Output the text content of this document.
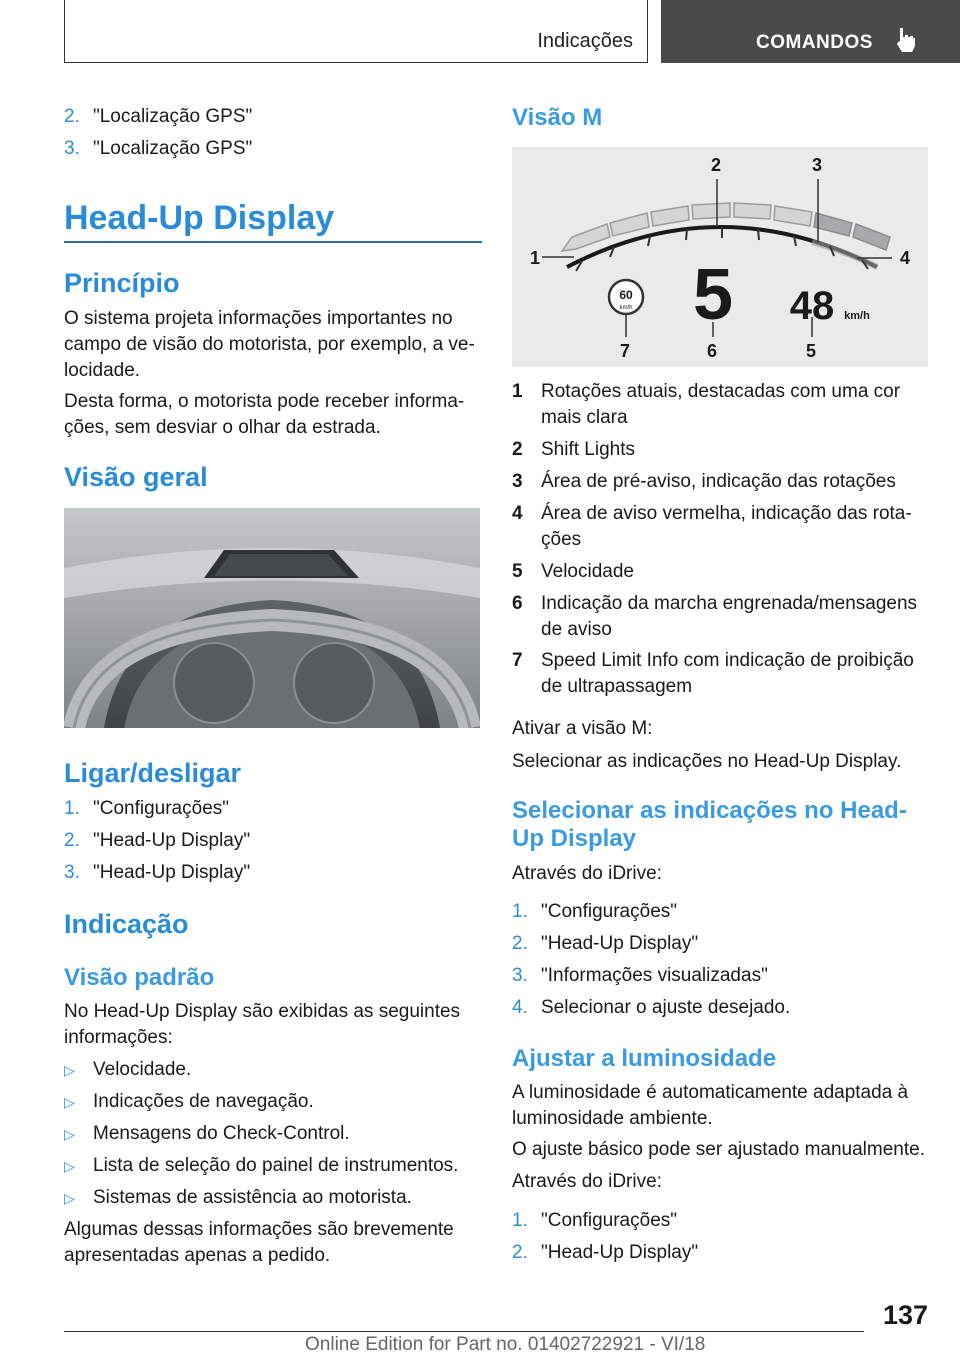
Indicações	COMANDOS
2. "Localização GPS"
3. "Localização GPS"
Head-Up Display
Princípio
O sistema projeta informações importantes no
campo de visão do motorista, por exemplo, a ve-
locidade.
Desta forma, o motorista pode receber informa-
ções, sem desviar o olhar da estrada.
Visão geral
Ligar/desligar
1. "Configurações"
2. "Head-Up Display"
3. "Head-Up Display"
Indicação
Visão padrão
No Head-Up Display são exibidas as seguintes
informações:
▷ Velocidade.
▷ Indicações de navegação.
▷ Mensagens do Check-Control.
▷ Lista de seleção do painel de instrumentos.
▷ Sistemas de assistência ao motorista.
Algumas dessas informações são brevemente
apresentadas apenas a pedido.
Visão M
60
km/h 5 48 km/h
1
2	3
4
5
6
7
1 Rotações atuais, destacadas com uma cor
mais clara
2 Shift Lights
3 Área de pré-aviso, indicação das rotações
4 Área de aviso vermelha, indicação das rota-
ções
5 Velocidade
6 Indicação da marcha engrenada/mensagens
de aviso
7 Speed Limit Info com indicação de proibição
de ultrapassagem
Ativar a visão M:
Selecionar as indicações no Head-Up Display.
Selecionar as indicações no Head-
Up Display
Através do iDrive:
1. "Configurações"
2. "Head-Up Display"
3. "Informações visualizadas"
4. Selecionar o ajuste desejado.
Ajustar a luminosidade
A luminosidade é automaticamente adaptada à
luminosidade ambiente.
O ajuste básico pode ser ajustado manualmente.
Através do iDrive:
1. "Configurações"
2. "Head-Up Display"
137
Online Edition for Part no. 01402722921 - VI/18
